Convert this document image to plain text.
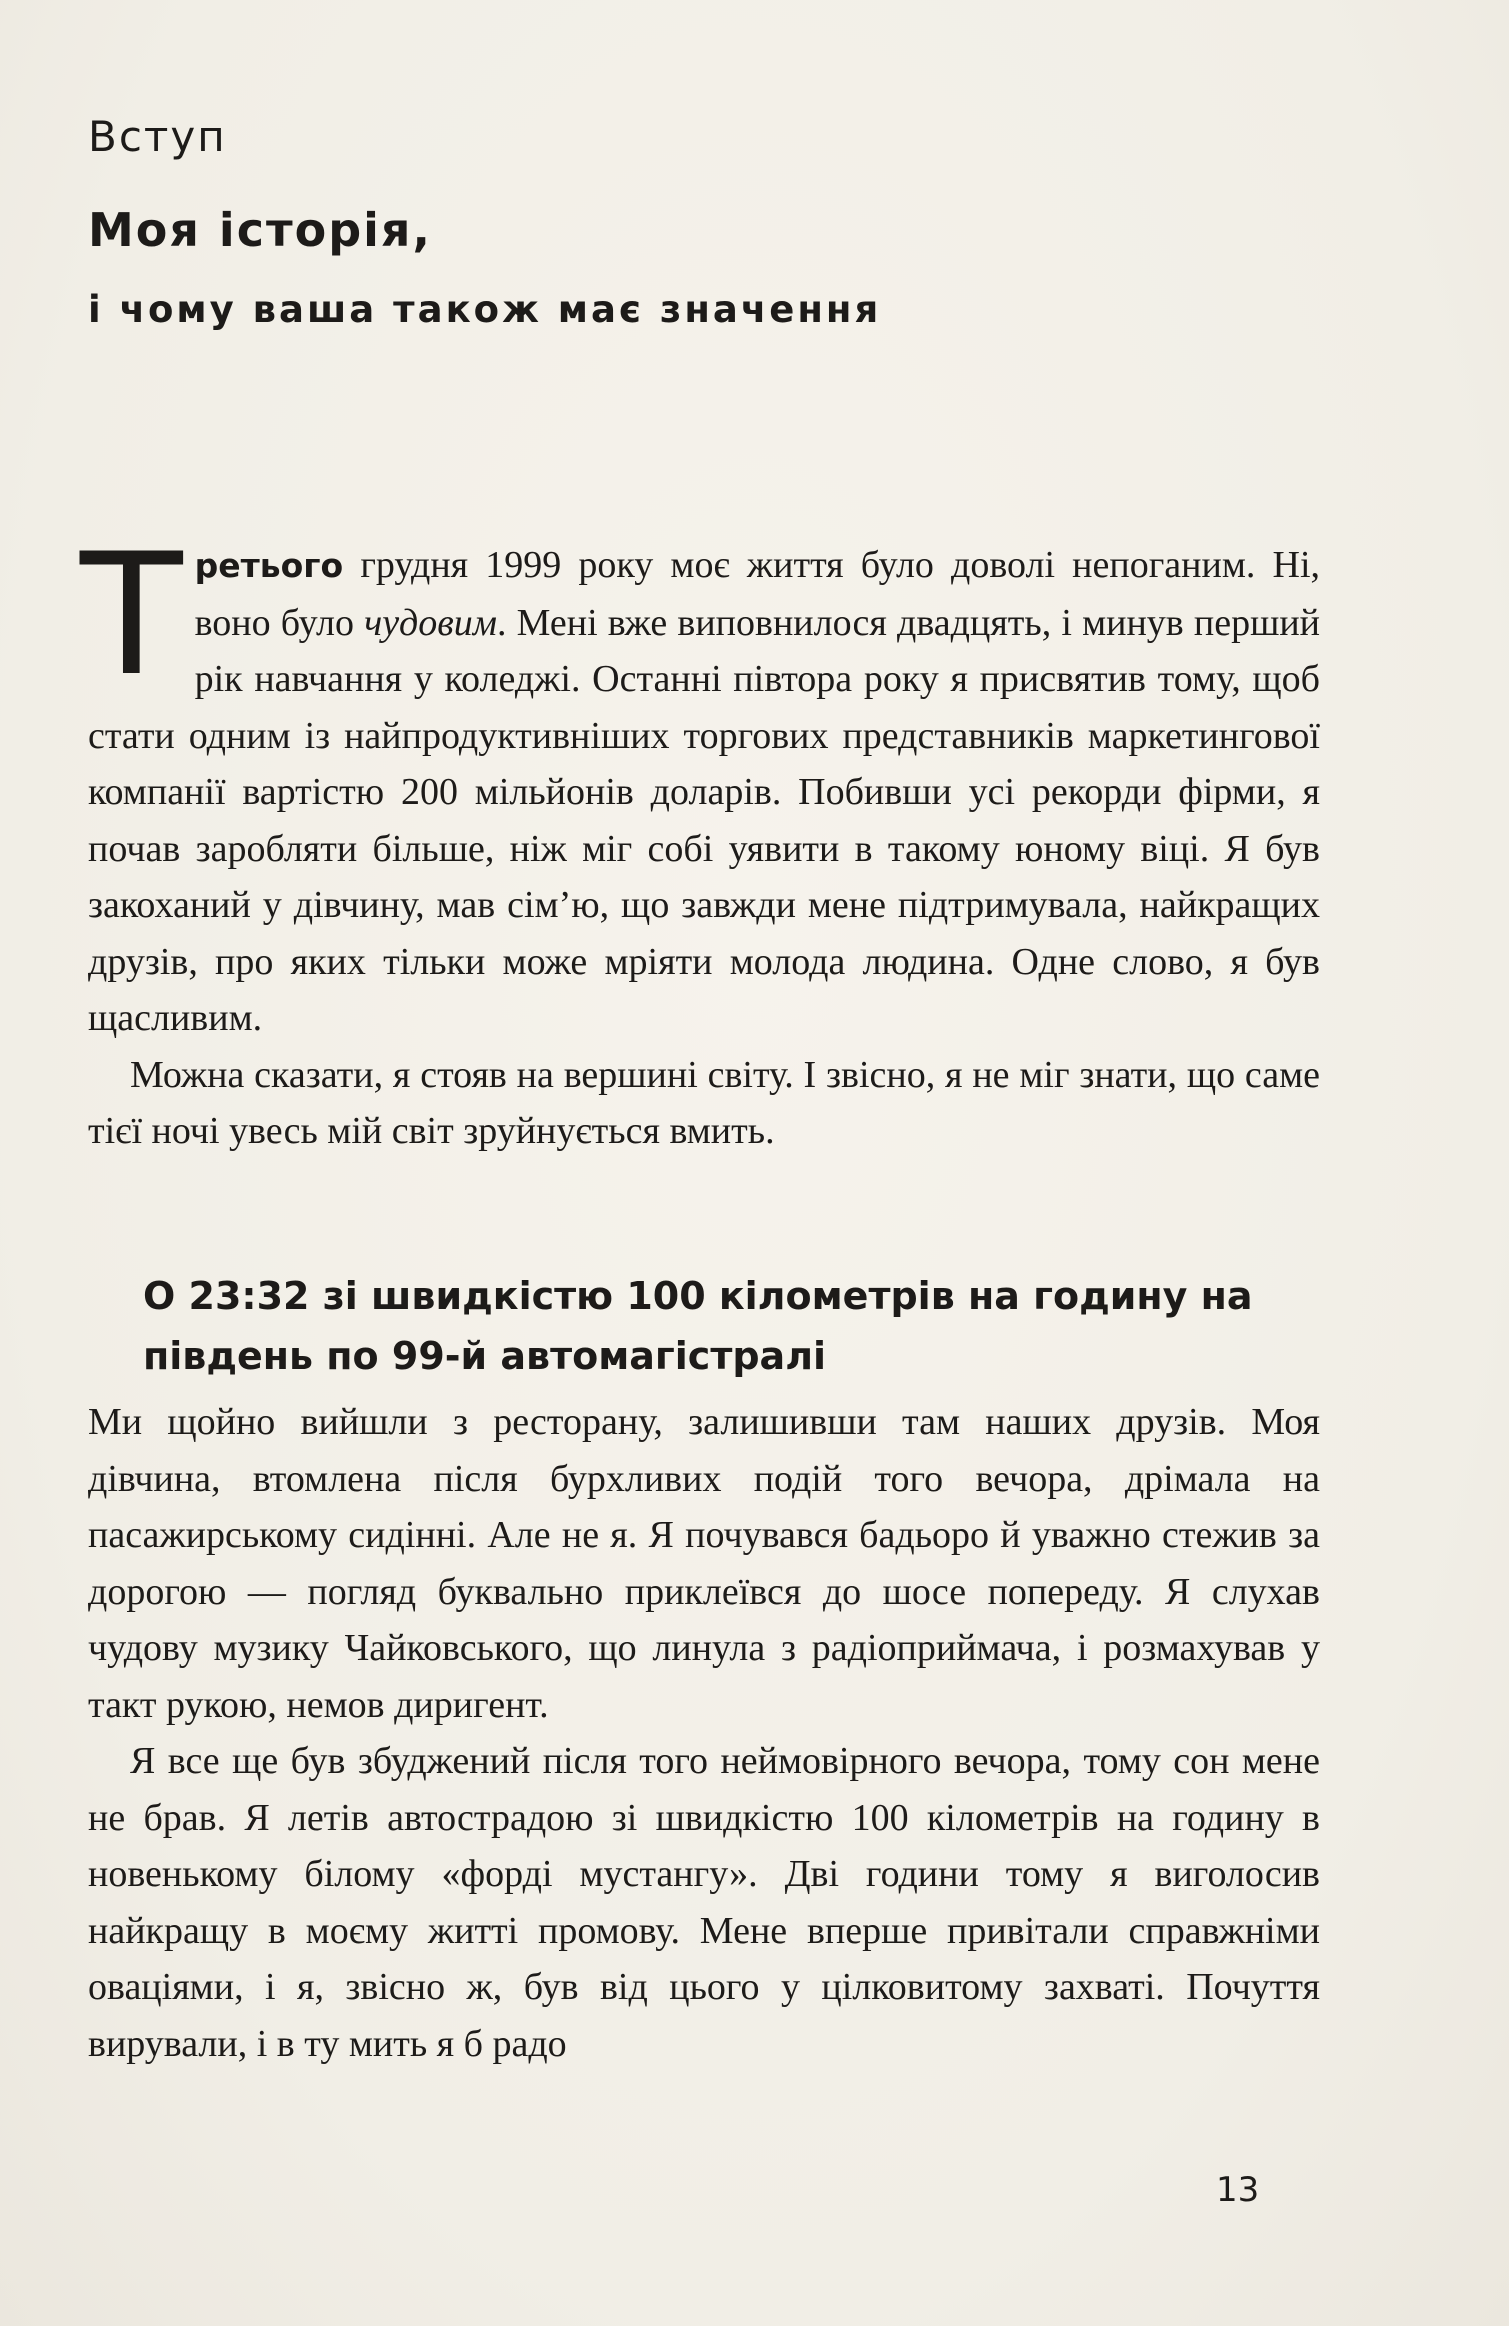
Вступ
Моя історія,
і чому ваша також має значення

Третього грудня 1999 року моє життя було доволі непоганим. Ні, воно було чудовим. Мені вже виповнилося двадцять, і минув перший рік навчання у коледжі. Останні півтора року я присвятив тому, щоб стати одним із найпродуктивніших торгових представників маркетингової компанії вартістю 200 мільйонів доларів. Побивши усі рекорди фірми, я почав заробляти більше, ніж міг собі уявити в такому юному віці. Я був закоханий у дівчину, мав сім’ю, що завжди мене підтримувала, найкращих друзів, про яких тільки може мріяти молода людина. Одне слово, я був щасливим.

Можна сказати, я стояв на вершині світу. І звісно, я не міг знати, що саме тієї ночі увесь мій світ зруйнується вмить.

О 23:32 зі швидкістю 100 кілометрів на годину на південь по 99-й автомагістралі

Ми щойно вийшли з ресторану, залишивши там наших друзів. Моя дівчина, втомлена після бурхливих подій того вечора, дрімала на пасажирському сидінні. Але не я. Я почувався бадьоро й уважно стежив за дорогою — погляд буквально приклеївся до шосе попереду. Я слухав чудову музику Чайковського, що линула з радіоприймача, і розмахував у такт рукою, немов диригент.

Я все ще був збуджений після того неймовірного вечора, тому сон мене не брав. Я летів автострадою зі швидкістю 100 кілометрів на годину в новенькому білому «форді мустангу». Дві години тому я виголосив найкращу в моєму житті промову. Мене вперше привітали справжніми оваціями, і я, звісно ж, був від цього у цілковитому захваті. Почуття вирували, і в ту мить я б радо

13
